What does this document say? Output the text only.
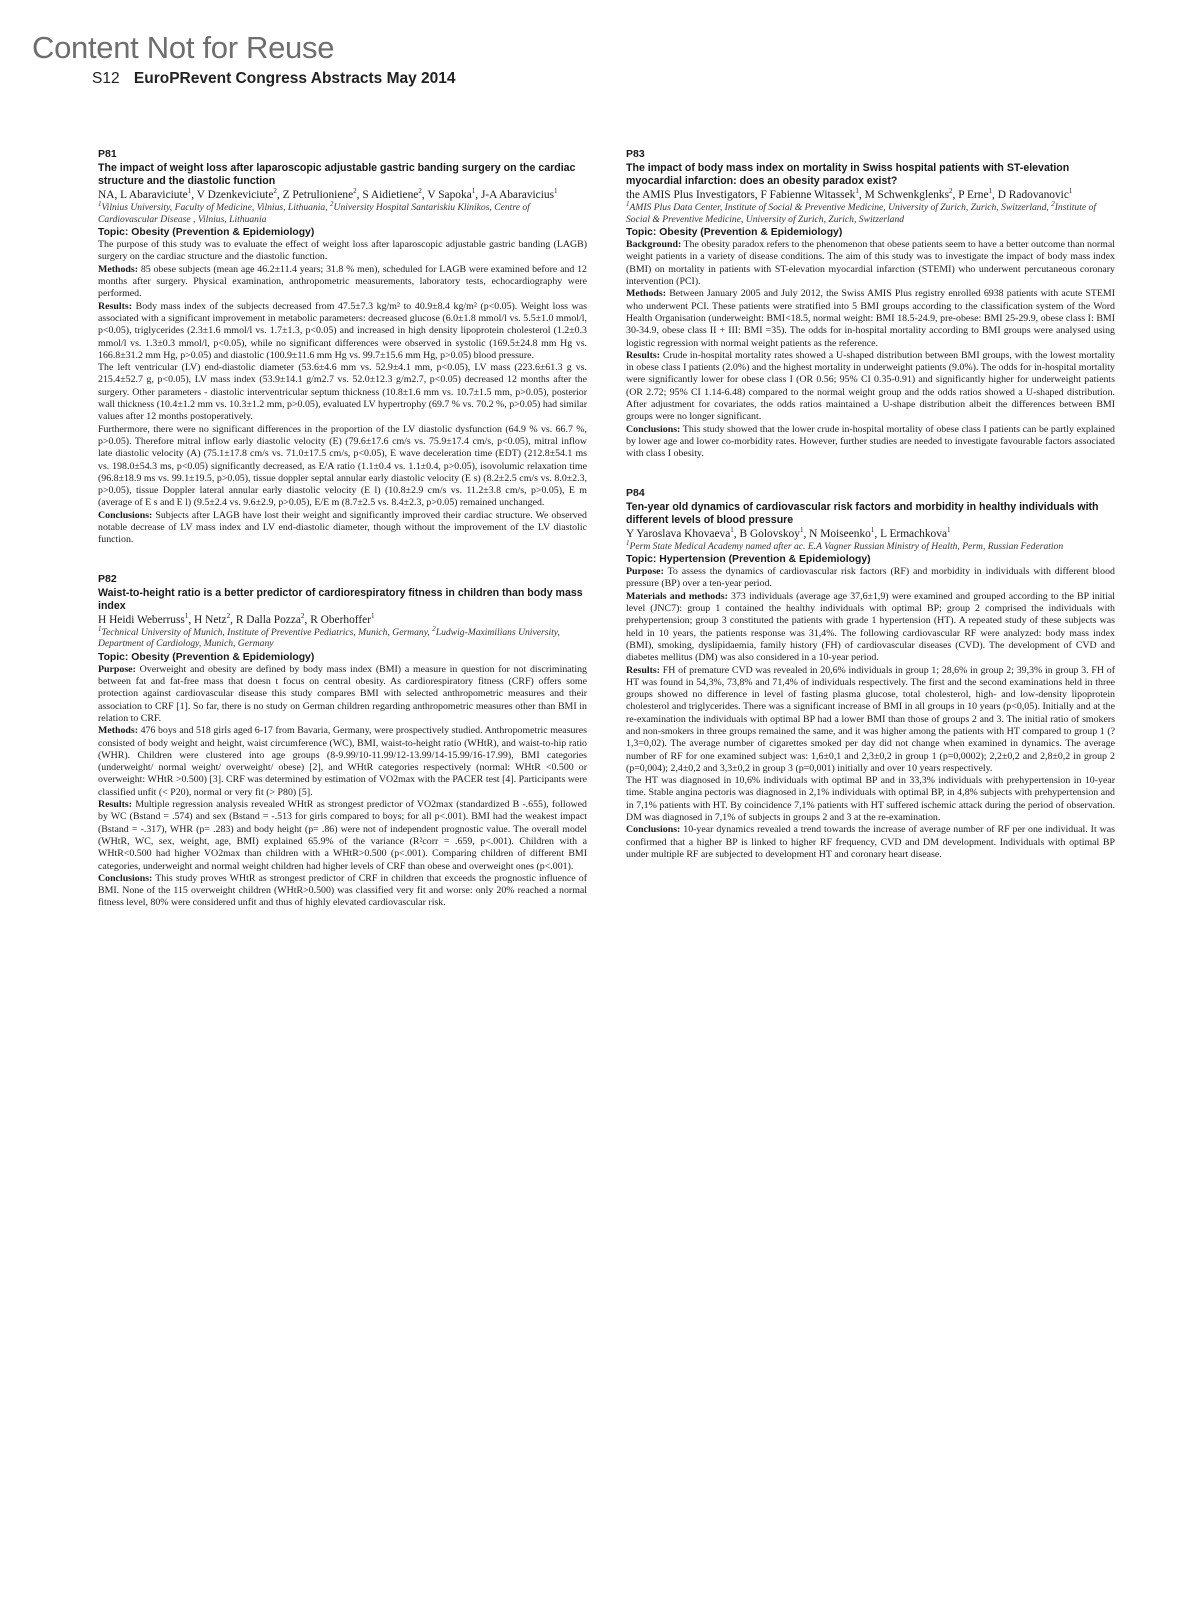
Content Not for Reuse
S12 EuroPRevent Congress Abstracts May 2014
P81
The impact of weight loss after laparoscopic adjustable gastric banding surgery on the cardiac structure and the diastolic function
NA, L Abaraviciute$^1$, V Dzenkeviciute$^2$, Z Petrulioniene$^2$, S Aidietiene$^2$, V Sapoka$^1$, J-A Abaravicius$^1$
$^1$Vilnius University, Faculty of Medicine, Vilnius, Lithuania, $^2$University Hospital Santariskiu Klinikos, Centre of Cardiovascular Disease , Vilnius, Lithuania
Topic: Obesity (Prevention & Epidemiology)

The purpose of this study was to evaluate the effect of weight loss after laparoscopic adjustable gastric banding (LAGB) surgery on the cardiac structure and the diastolic function.

Methods: 85 obese subjects (mean age 46.2±11.4 years; 31.8 % men), scheduled for LAGB were examined before and 12 months after surgery. Physical examination, anthropometric measurements, laboratory tests, echocardiography were performed.

Results: Body mass index of the subjects decreased from 47.5±7.3 kg/m² to 40.9±8.4 kg/m² (p<0.05). Weight loss was associated with a significant improvement in metabolic parameters: decreased glucose (6.0±1.8 mmol/l vs. 5.5±1.0 mmol/l, p<0.05), triglycerides (2.3±1.6 mmol/l vs. 1.7±1.3, p<0.05) and increased in high density lipoprotein cholesterol (1.2±0.3 mmol/l vs. 1.3±0.3 mmol/l, p<0.05), while no significant differences were observed in systolic (169.5±24.8 mm Hg vs. 166.8±31.2 mm Hg, p>0.05) and diastolic (100.9±11.6 mm Hg vs. 99.7±15.6 mm Hg, p>0.05) blood pressure.

The left ventricular (LV) end-diastolic diameter (53.6±4.6 mm vs. 52.9±4.1 mm, p<0.05), LV mass (223.6±61.3 g vs. 215.4±52.7 g, p<0.05), LV mass index (53.9±14.1 g/m2.7 vs. 52.0±12.3 g/m2.7, p<0.05) decreased 12 months after the surgery. Other parameters - diastolic interventricular septum thickness (10.8±1.6 mm vs. 10.7±1.5 mm, p>0.05), posterior wall thickness (10.4±1.2 mm vs. 10.3±1.2 mm, p>0.05), evaluated LV hypertrophy (69.7 % vs. 70.2 %, p>0.05) had similar values after 12 months postoperatively.

Furthermore, there were no significant differences in the proportion of the LV diastolic dysfunction (64.9 % vs. 66.7 %, p>0.05). Therefore mitral inflow early diastolic velocity (E) (79.6±17.6 cm/s vs. 75.9±17.4 cm/s, p<0.05), mitral inflow late diastolic velocity (A) (75.1±17.8 cm/s vs. 71.0±17.5 cm/s, p<0.05), E wave deceleration time (EDT) (212.8±54.1 ms vs. 198.0±54.3 ms, p<0.05) significantly decreased, as E/A ratio (1.1±0.4 vs. 1.1±0.4, p>0.05), isovolumic relaxation time (96.8±18.9 ms vs. 99.1±19.5, p>0.05), tissue doppler septal annular early diastolic velocity (E s) (8.2±2.5 cm/s vs. 8.0±2.3, p>0.05), tissue Doppler lateral annular early diastolic velocity (E l) (10.8±2.9 cm/s vs. 11.2±3.8 cm/s, p>0.05), E m (average of E s and E l) (9.5±2.4 vs. 9.6±2.9, p>0.05), E/E m (8.7±2.5 vs. 8.4±2.3, p>0.05) remained unchanged.

Conclusions: Subjects after LAGB have lost their weight and significantly improved their cardiac structure. We observed notable decrease of LV mass index and LV end-diastolic diameter, though without the improvement of the LV diastolic function.

P82
Waist-to-height ratio is a better predictor of cardiorespiratory fitness in children than body mass index
H Heidi Weberruss$^1$, H Netz$^2$, R Dalla Pozza$^2$, R Oberhoffer$^1$
$^1$Technical University of Munich, Institute of Preventive Pediatrics, Munich, Germany, $^2$Ludwig-Maximilians University, Department of Cardiology, Munich, Germany
Topic: Obesity (Prevention & Epidemiology)

Purpose: Overweight and obesity are defined by body mass index (BMI) a measure in question for not discriminating between fat and fat-free mass that doesn t focus on central obesity. As cardiorespiratory fitness (CRF) offers some protection against cardiovascular disease this study compares BMI with selected anthropometric measures and their association to CRF [1]. So far, there is no study on German children regarding anthropometric measures other than BMI in relation to CRF.

Methods: 476 boys and 518 girls aged 6-17 from Bavaria, Germany, were prospectively studied. Anthropometric measures consisted of body weight and height, waist circumference (WC), BMI, waist-to-height ratio (WHtR), and waist-to-hip ratio (WHR). Children were clustered into age groups (8-9.99/10-11.99/12-13.99/14-15.99/16-17.99), BMI categories (underweight/ normal weight/ overweight/ obese) [2], and WHtR categories respectively (normal: WHtR <0.500 or overweight: WHtR >0.500) [3]. CRF was determined by estimation of VO2max with the PACER test [4]. Participants were classified unfit (< P20), normal or very fit (> P80) [5].

Results: Multiple regression analysis revealed WHtR as strongest predictor of VO2max (standardized B -.655), followed by WC (Bstand = .574) and sex (Bstand = -.513 for girls compared to boys; for all p<.001). BMI had the weakest impact (Bstand = -.317), WHR (p= .283) and body height (p= .86) were not of independent prognostic value. The overall model (WHtR, WC, sex, weight, age, BMI) explained 65.9% of the variance (R²corr = .659, p<.001). Children with a WHtR<0.500 had higher VO2max than children with a WHtR>0.500 (p<.001). Comparing children of different BMI categories, underweight and normal weight children had higher levels of CRF than obese and overweight ones (p<.001).

Conclusions: This study proves WHtR as strongest predictor of CRF in children that exceeds the prognostic influence of BMI. None of the 115 overweight children (WHtR>0.500) was classified very fit and worse: only 20% reached a normal fitness level, 80% were considered unfit and thus of highly elevated cardiovascular risk.

P83
The impact of body mass index on mortality in Swiss hospital patients with ST-elevation myocardial infarction: does an obesity paradox exist?
the AMIS Plus Investigators, F Fabienne Witassek$^1$, M Schwenkglenks$^2$, P Erne$^1$, D Radovanovic$^1$
$^1$AMIS Plus Data Center, Institute of Social & Preventive Medicine, University of Zurich, Zurich, Switzerland, $^2$Institute of Social & Preventive Medicine, University of Zurich, Zurich, Switzerland
Topic: Obesity (Prevention & Epidemiology)

Background: The obesity paradox refers to the phenomenon that obese patients seem to have a better outcome than normal weight patients in a variety of disease conditions. The aim of this study was to investigate the impact of body mass index (BMI) on mortality in patients with ST-elevation myocardial infarction (STEMI) who underwent percutaneous coronary intervention (PCI).

Methods: Between January 2005 and July 2012, the Swiss AMIS Plus registry enrolled 6938 patients with acute STEMI who underwent PCI. These patients were stratified into 5 BMI groups according to the classification system of the Word Health Organisation (underweight: BMI<18.5, normal weight: BMI 18.5-24.9, pre-obese: BMI 25-29.9, obese class I: BMI 30-34.9, obese class II + III: BMI =35). The odds for in-hospital mortality according to BMI groups were analysed using logistic regression with normal weight patients as the reference.

Results: Crude in-hospital mortality rates showed a U-shaped distribution between BMI groups, with the lowest mortality in obese class I patients (2.0%) and the highest mortality in underweight patients (9.0%). The odds for in-hospital mortality were significantly lower for obese class I (OR 0.56; 95% CI 0.35-0.91) and significantly higher for underweight patients (OR 2.72; 95% CI 1.14-6.48) compared to the normal weight group and the odds ratios showed a U-shaped distribution. After adjustment for covariates, the odds ratios maintained a U-shape distribution albeit the differences between BMI groups were no longer significant.

Conclusions: This study showed that the lower crude in-hospital mortality of obese class I patients can be partly explained by lower age and lower co-morbidity rates. However, further studies are needed to investigate favourable factors associated with class I obesity.

P84
Ten-year old dynamics of cardiovascular risk factors and morbidity in healthy individuals with different levels of blood pressure
Y Yaroslava Khovaeva$^1$, B Golovskoy$^1$, N Moiseenko$^1$, L Ermachkova$^1$
$^1$Perm State Medical Academy named after ac. E.A Vagner Russian Ministry of Health, Perm, Russian Federation
Topic: Hypertension (Prevention & Epidemiology)

Purpose: To assess the dynamics of cardiovascular risk factors (RF) and morbidity in individuals with different blood pressure (BP) over a ten-year period.

Materials and methods: 373 individuals (average age 37,6±1,9) were examined and grouped according to the BP initial level (JNC7): group 1 contained the healthy individuals with optimal BP; group 2 comprised the individuals with prehypertension; group 3 constituted the patients with grade 1 hypertension (HT). A repeated study of these subjects was held in 10 years, the patients response was 31,4%. The following cardiovascular RF were analyzed: body mass index (BMI), smoking, dyslipidaemia, family history (FH) of cardiovascular diseases (CVD). The development of CVD and diabetes mellitus (DM) was also considered in a 10-year period.

Results: FH of premature CVD was revealed in 20,6% individuals in group 1; 28,6% in group 2; 39,3% in group 3. FH of HT was found in 54,3%, 73,8% and 71,4% of individuals respectively. The first and the second examinations held in three groups showed no difference in level of fasting plasma glucose, total cholesterol, high- and low-density lipoprotein cholesterol and triglycerides. There was a significant increase of BMI in all groups in 10 years (p<0,05). Initially and at the re-examination the individuals with optimal BP had a lower BMI than those of groups 2 and 3. The initial ratio of smokers and non-smokers in three groups remained the same, and it was higher among the patients with HT compared to group 1 (?1,3=0,02). The average number of cigarettes smoked per day did not change when examined in dynamics. The average number of RF for one examined subject was: 1,6±0,1 and 2,3±0,2 in group 1 (p=0,0002); 2,2±0,2 and 2,8±0,2 in group 2 (p=0,004); 2,4±0,2 and 3,3±0,2 in group 3 (p=0,001) initially and over 10 years respectively.

The HT was diagnosed in 10,6% individuals with optimal BP and in 33,3% individuals with prehypertension in 10-year time. Stable angina pectoris was diagnosed in 2,1% individuals with optimal BP, in 4,8% subjects with prehypertension and in 7,1% patients with HT. By coincidence 7,1% patients with HT suffered ischemic attack during the period of observation. DM was diagnosed in 7,1% of subjects in groups 2 and 3 at the re-examination.

Conclusions: 10-year dynamics revealed a trend towards the increase of average number of RF per one individual. It was confirmed that a higher BP is linked to higher RF frequency, CVD and DM development. Individuals with optimal BP under multiple RF are subjected to development HT and coronary heart disease.
